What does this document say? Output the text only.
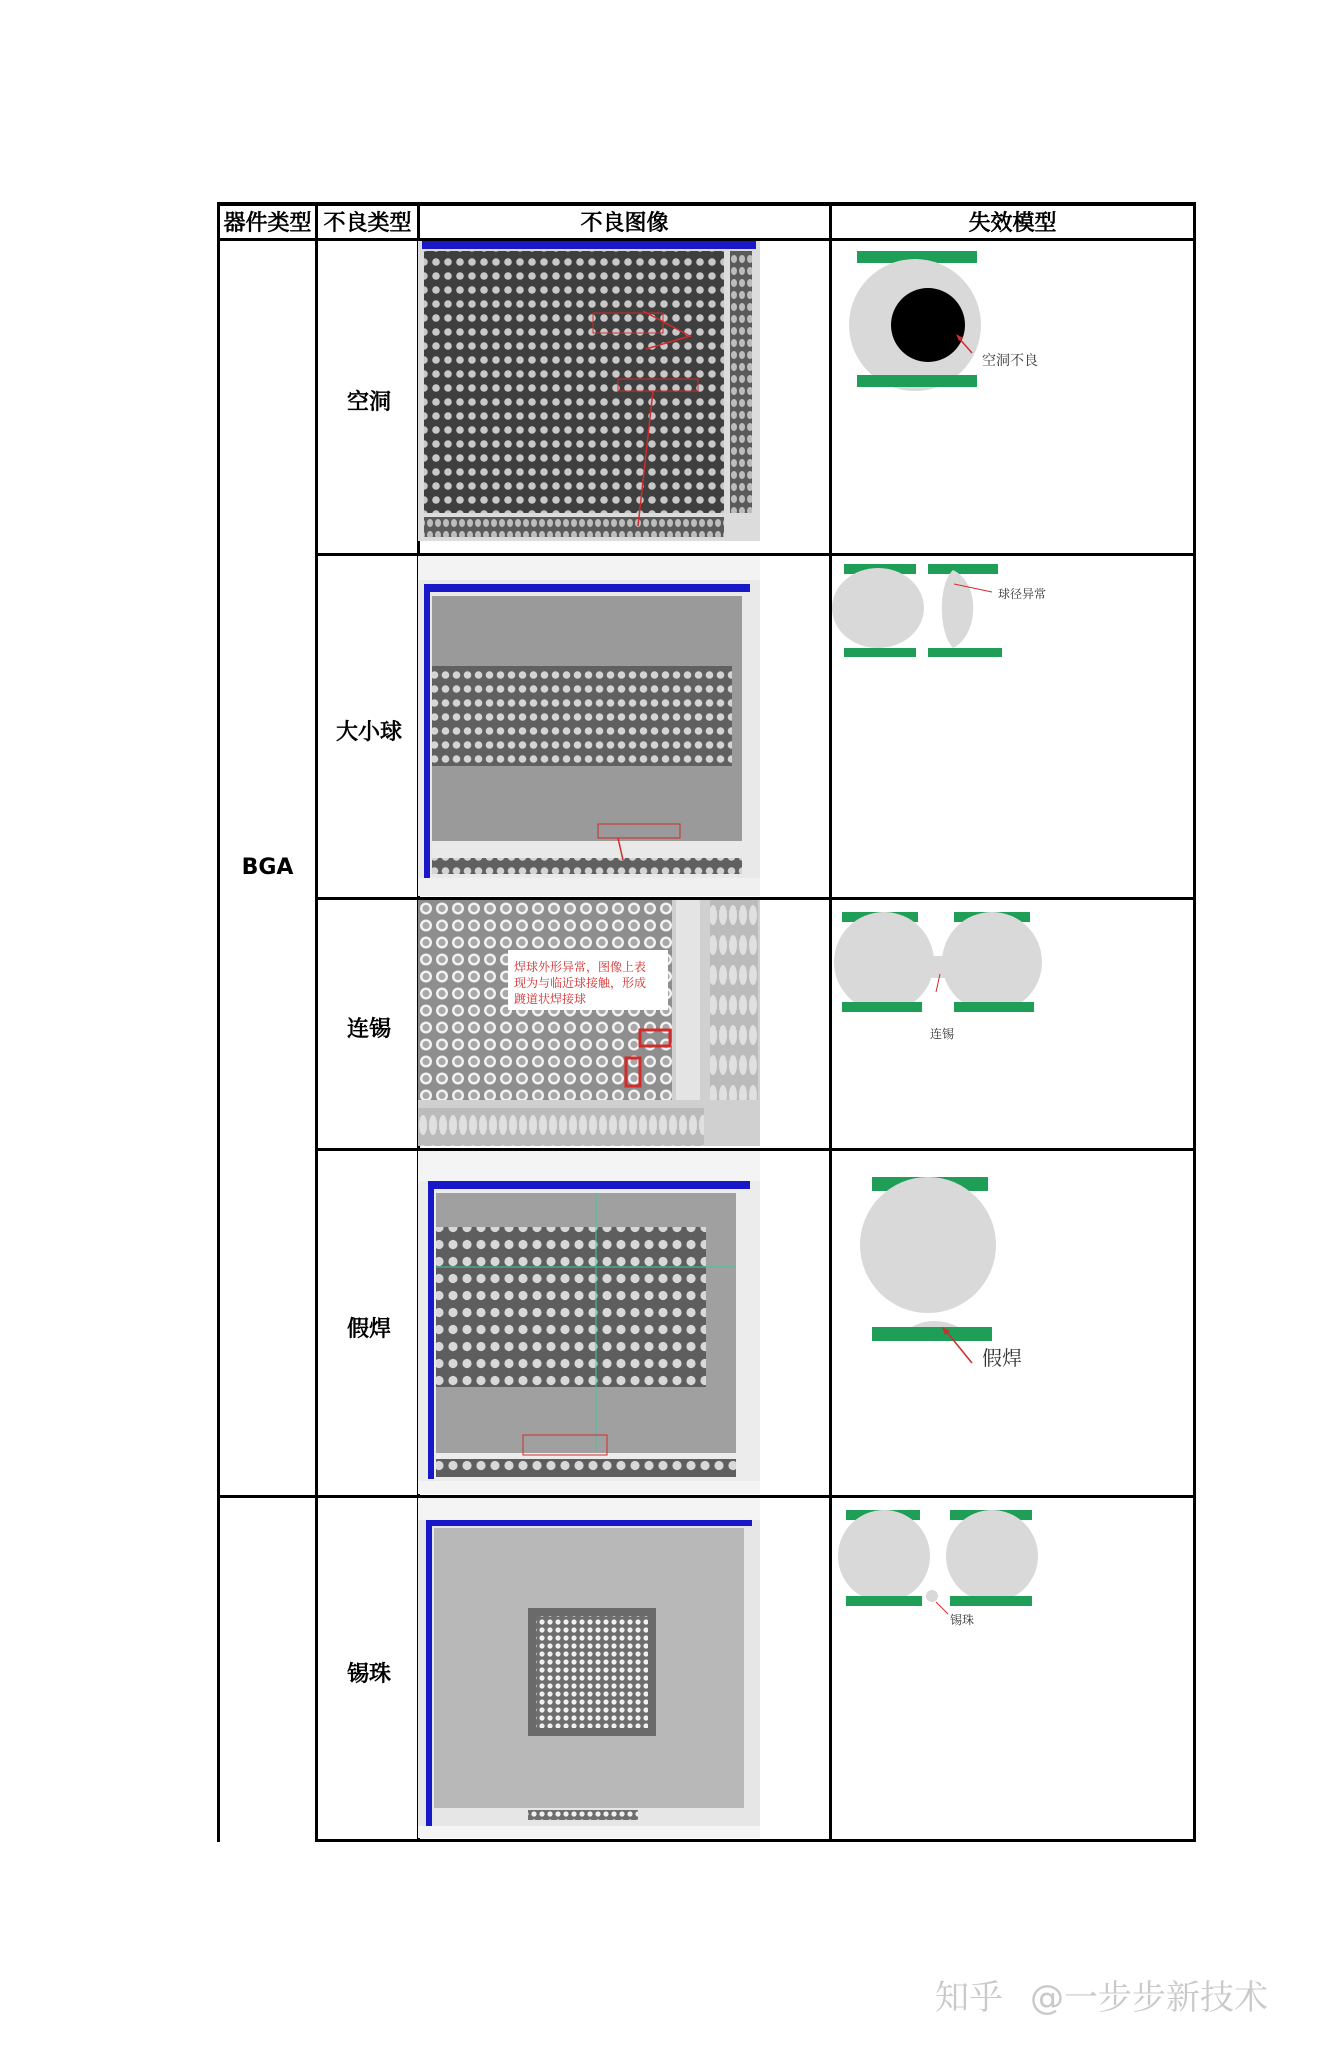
器件类型 不良类型	不良图像	失效模型
BGA
空洞
大小球
连锡
假焊
锡珠
焊球外形异常，图像上表
现为与临近球接触，形成
踱道状焊接球
空洞不良
球径异常
连锡
假焊
锡珠
知乎 @一步步新技术
